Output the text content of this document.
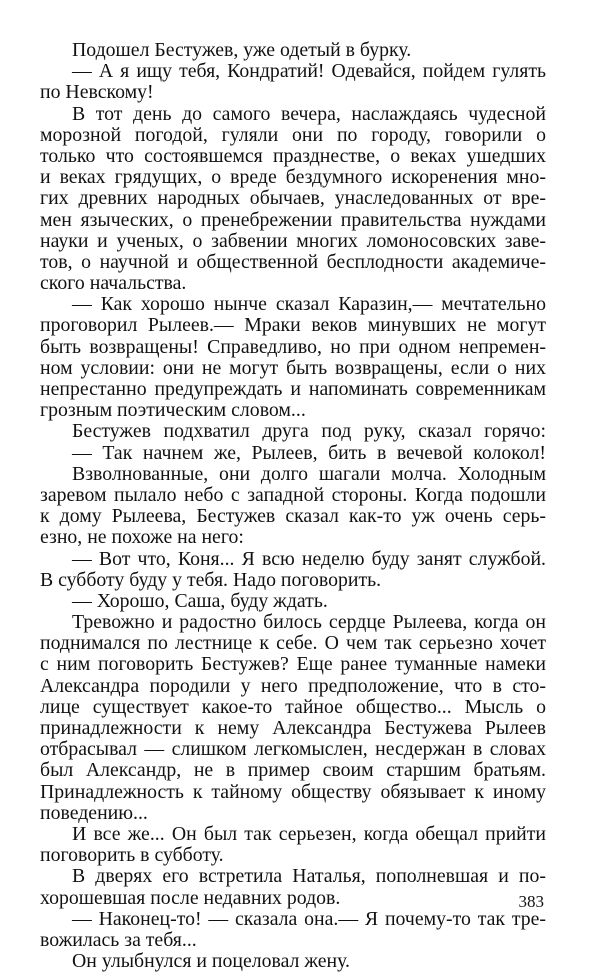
Подошел Бестужев, уже одетый в бурку.
— А я ищу тебя, Кондратий! Одевайся, пойдем гулять
по Невскому!
В тот день до самого вечера, наслаждаясь чудесной
морозной погодой, гуляли они по городу, говорили о
только что состоявшемся празднестве, о веках ушедших
и веках грядущих, о вреде бездумного искоренения мно-
гих древних народных обычаев, унаследованных от вре-
мен языческих, о пренебрежении правительства нуждами
науки и ученых, о забвении многих ломоносовских заве-
тов, о научной и общественной бесплодности академиче-
ского начальства.
— Как хорошо нынче сказал Каразин,— мечтательно
проговорил Рылеев.— Мраки веков минувших не могут
быть возвращены! Справедливо, но при одном непремен-
ном условии: они не могут быть возвращены, если о них
непрестанно предупреждать и напоминать современникам
грозным поэтическим словом...
Бестужев подхватил друга под руку, сказал горячо:
— Так начнем же, Рылеев, бить в вечевой колокол!
Взволнованные, они долго шагали молча. Холодным
заревом пылало небо с западной стороны. Когда подошли
к дому Рылеева, Бестужев сказал как-то уж очень серь-
езно, не похоже на него:
— Вот что, Коня... Я всю неделю буду занят службой.
В субботу буду у тебя. Надо поговорить.
— Хорошо, Саша, буду ждать.
Тревожно и радостно билось сердце Рылеева, когда он
поднимался по лестнице к себе. О чем так серьезно хочет
с ним поговорить Бестужев? Еще ранее туманные намеки
Александра породили у него предположение, что в сто-
лице существует какое-то тайное общество... Мысль о
принадлежности к нему Александра Бестужева Рылеев
отбрасывал — слишком легкомыслен, несдержан в словах
был Александр, не в пример своим старшим братьям.
Принадлежность к тайному обществу обязывает к иному
поведению...
И все же... Он был так серьезен, когда обещал прийти
поговорить в субботу.
В дверях его встретила Наталья, пополневшая и по-
хорошевшая после недавних родов.
— Наконец-то! — сказала она.— Я почему-то так тре-
вожилась за тебя...
Он улыбнулся и поцеловал жену.
383
